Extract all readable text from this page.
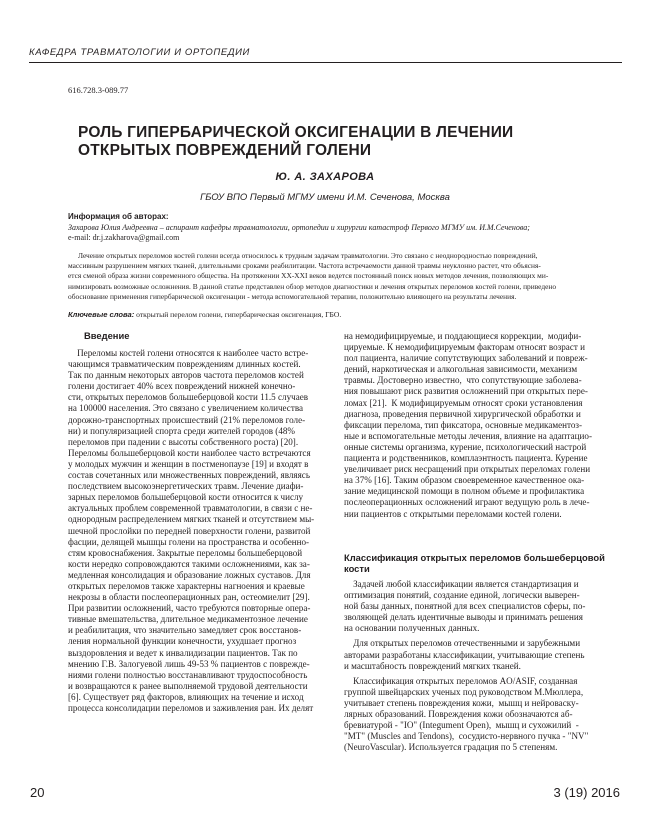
КАФЕДРА ТРАВМАТОЛОГИИ И ОРТОПЕДИИ
616.728.3-089.77
РОЛЬ ГИПЕРБАРИЧЕСКОЙ ОКСИГЕНАЦИИ В ЛЕЧЕНИИ
ОТКРЫТЫХ ПОВРЕЖДЕНИЙ ГОЛЕНИ
Ю. А. ЗАХАРОВА
ГБОУ ВПО Первый МГМУ имени И.М. Сеченова, Москва
Информация об авторах:
Захарова Юлия Андреевна – аспирант кафедры травматологии, ортопедии и хирургии катастроф Первого МГМУ им. И.М.Сеченова;
e-mail: dr.j.zakharova@gmail.com
Лечение открытых переломов костей голени всегда относилось к трудным задачам травматологии. Это связано с неоднородностью повреждений,
массивным разрушением мягких тканей, длительными сроками реабилитации. Частота встречаемости данной травмы неуклонно растет, что объясня-
ется сменой образа жизни современного общества. На протяжении XX-XXI веков ведется постоянный поиск новых методов лечения, позволяющих ми-
нимизировать возможные осложнения. В данной статье представлен обзор методов диагностики и лечения открытых переломов костей голени, приведено
обоснование применения гипербарической оксигенации - метода вспомогательной терапии, положительно влияющего на результаты лечения.
Ключевые слова: открытый перелом голени, гипербарическая оксигенация, ГБО.
Введение
Переломы костей голени относятся к наиболее часто встре-
чающимся травматическим повреждениям длинных костей.
Так по данным некоторых авторов частота переломов костей
голени достигает 40% всех повреждений нижней конечно-
сти, открытых переломов большеберцовой кости 11.5 случаев
на 100000 населения. Это связано с увеличением количества
дорожно-транспортных происшествий (21% переломов голе-
ни) и популяризацией спорта среди жителей городов (48%
переломов при падении с высоты собственного роста) [20].
Переломы большеберцовой кости наиболее часто встречаются
у молодых мужчин и женщин в постменопаузе [19] и входят в
состав сочетанных или множественных повреждений, являясь
последствием высокоэнергетических травм. Лечение диафи-
зарных переломов большеберцовой кости относится к числу
актуальных проблем современной травматологии, в связи с не-
однородным распределением мягких тканей и отсутствием мы-
шечной прослойки по передней поверхности голени, развитой
фасции, делящей мышцы голени на пространства и особенно-
стям кровоснабжения. Закрытые переломы большеберцовой
кости нередко сопровождаются такими осложнениями, как за-
медленная консолидация и образование ложных суставов. Для
открытых переломов также характерны нагноения и краевые
некрозы в области послеоперационных ран, остеомиелит [29].
При развитии осложнений, часто требуются повторные опера-
тивные вмешательства, длительное медикаментозное лечение
и реабилитация, что значительно замедляет срок восстанов-
ления нормальной функции конечности, ухудшает прогноз
выздоровления и ведет к инвалидизации пациентов. Так по
мнению Г.В. Залогуевой лишь 49-53 % пациентов с поврежде-
ниями голени полностью восстанавливают трудоспособность
и возвращаются к ранее выполняемой трудовой деятельности
[6]. Существует ряд факторов, влияющих на течение и исход
процесса консолидации переломов и заживления ран. Их делят
на немодифицируемые, и поддающиеся коррекции,  модифи-
цируемые. К немодифицируемым факторам относят возраст и
пол пациента, наличие сопутствующих заболеваний и повреж-
дений, наркотическая и алкогольная зависимости, механизм
травмы. Достоверно известно,  что сопутствующие заболева-
ния повышают риск развития осложнений при открытых пере-
ломах [21].  К модифицируемым относят сроки установления
диагноза, проведения первичной хирургической обработки и
фиксации перелома, тип фиксатора, основные медикаментоз-
ные и вспомогательные методы лечения, влияние на адаптацио-
онные системы организма, курение, психологический настрой
пациента и родственников, комплаэнтность пациента. Курение
увеличивает риск несращений при открытых переломах голени
на 37% [16]. Таким образом своевременное качественное ока-
зание медицинской помощи в полном объеме и профилактика
послеоперационных осложнений играют ведущую роль в лече-
нии пациентов с открытыми переломами костей голени.
Классификация открытых переломов большеберцовой
кости
Задачей любой классификации является стандартизация и
оптимизация понятий, создание единой, логически выверен-
ной базы данных, понятной для всех специалистов сферы, по-
зволяющей делать идентичные выводы и принимать решения
на основании полученных данных.
Для открытых переломов отечественными и зарубежными
авторами разработаны классификации, учитывающие степень
и масштабность повреждений мягких тканей.
Классификация открытых переломов AO/ASIF, созданная
группой швейцарских ученых под руководством М.Мюллера,
учитывает степень повреждения кожи,  мышц и нейроваску-
лярных образований. Повреждения кожи обозначаются аб-
бревиатурой - "IO" (Integument Open),  мышц и сухожилий  -
"MT" (Muscles and Tendons),  сосудисто-нервного пучка - "NV"
(NeuroVascular). Используется градация по 5 степеням.
20	3 (19) 2016
